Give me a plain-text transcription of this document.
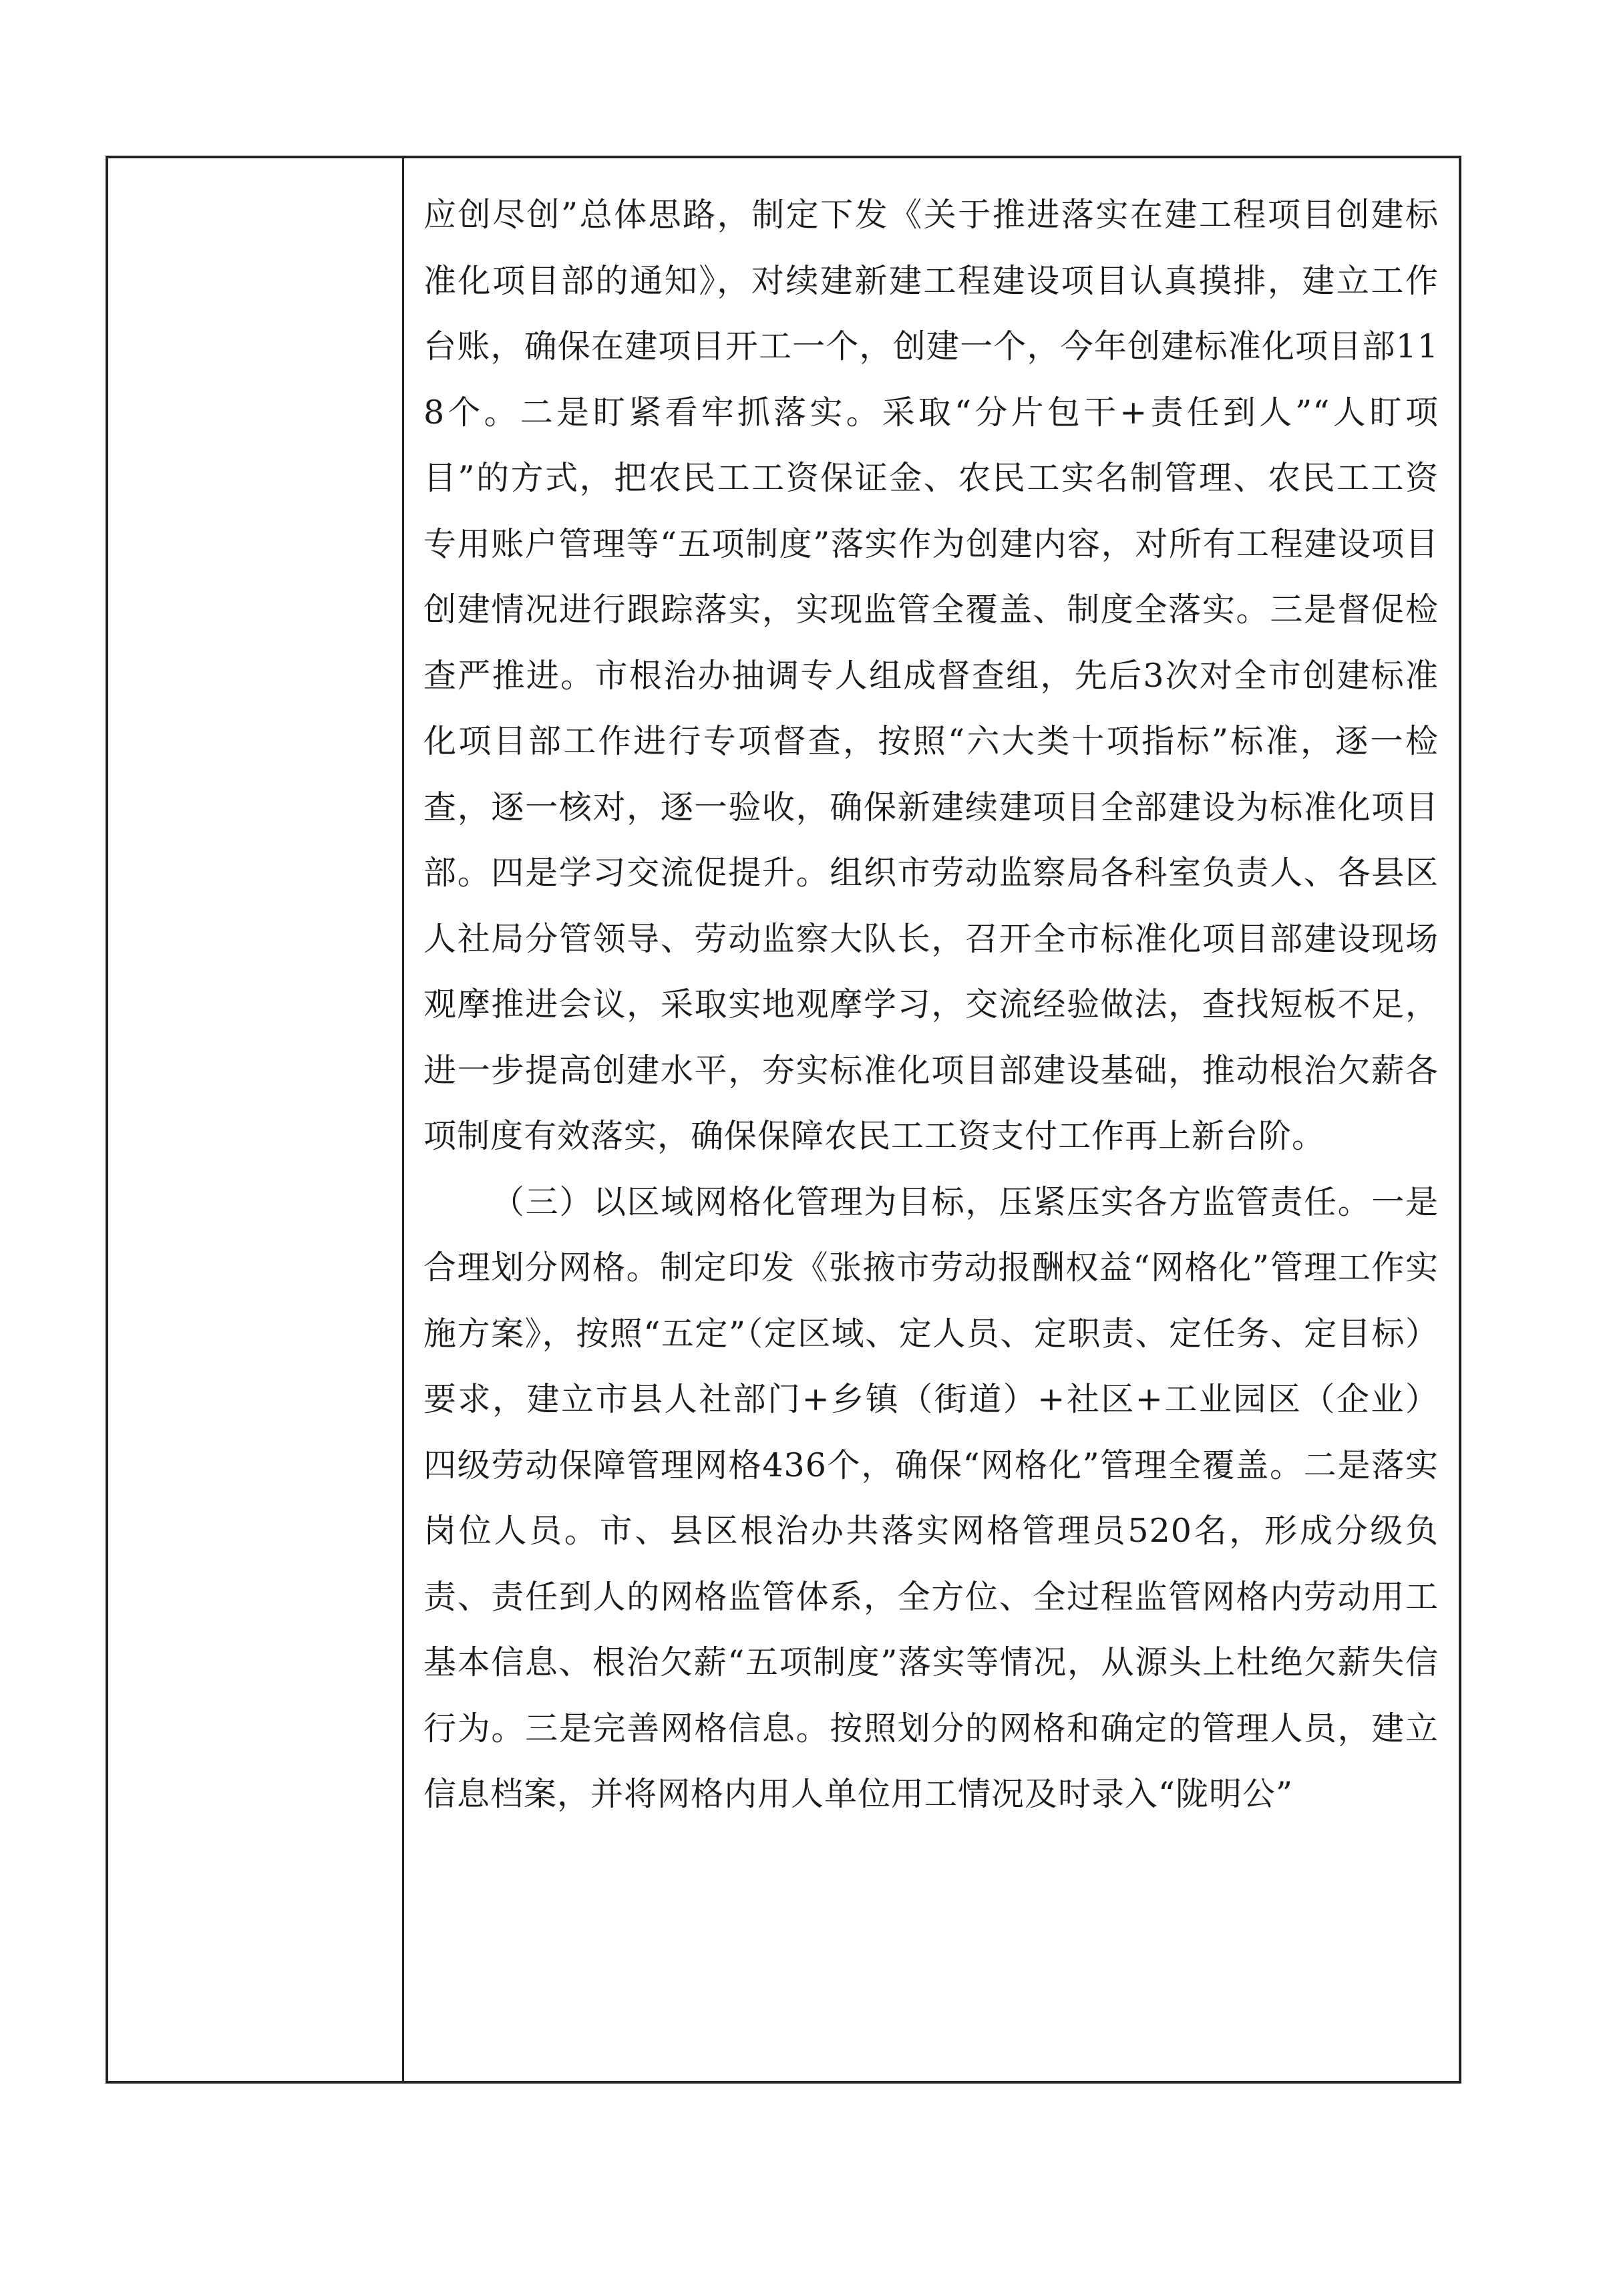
应创尽创”总体思路，制定下发《关于推进落实在建工程项目创建标准化项目部的通知》，对续建新建工程建设项目认真摸排，建立工作台账，确保在建项目开工一个，创建一个，今年创建标准化项目部118个。二是盯紧看牢抓落实。采取“分片包干+责任到人”“人盯项目”的方式，把农民工工资保证金、农民工实名制管理、农民工工资专用账户管理等“五项制度”落实作为创建内容，对所有工程建设项目创建情况进行跟踪落实，实现监管全覆盖、制度全落实。三是督促检查严推进。市根治办抽调专人组成督查组，先后3次对全市创建标准化项目部工作进行专项督查，按照“六大类十项指标”标准，逐一检查，逐一核对，逐一验收，确保新建续建项目全部建设为标准化项目部。四是学习交流促提升。组织市劳动监察局各科室负责人、各县区人社局分管领导、劳动监察大队长，召开全市标准化项目部建设现场观摩推进会议，采取实地观摩学习，交流经验做法，查找短板不足，进一步提高创建水平，夯实标准化项目部建设基础，推动根治欠薪各项制度有效落实，确保保障农民工工资支付工作再上新台阶。

（三）以区域网格化管理为目标，压紧压实各方监管责任。一是合理划分网格。制定印发《张掖市劳动报酬权益“网格化”管理工作实施方案》，按照“五定”（定区域、定人员、定职责、定任务、定目标）要求，建立市县人社部门+乡镇（街道）+社区+工业园区（企业）四级劳动保障管理网格436个，确保“网格化”管理全覆盖。二是落实岗位人员。市、县区根治办共落实网格管理员520名，形成分级负责、责任到人的网格监管体系，全方位、全过程监管网格内劳动用工基本信息、根治欠薪“五项制度”落实等情况，从源头上杜绝欠薪失信行为。三是完善网格信息。按照划分的网格和确定的管理人员，建立信息档案，并将网格内用人单位用工情况及时录入“陇明公”
